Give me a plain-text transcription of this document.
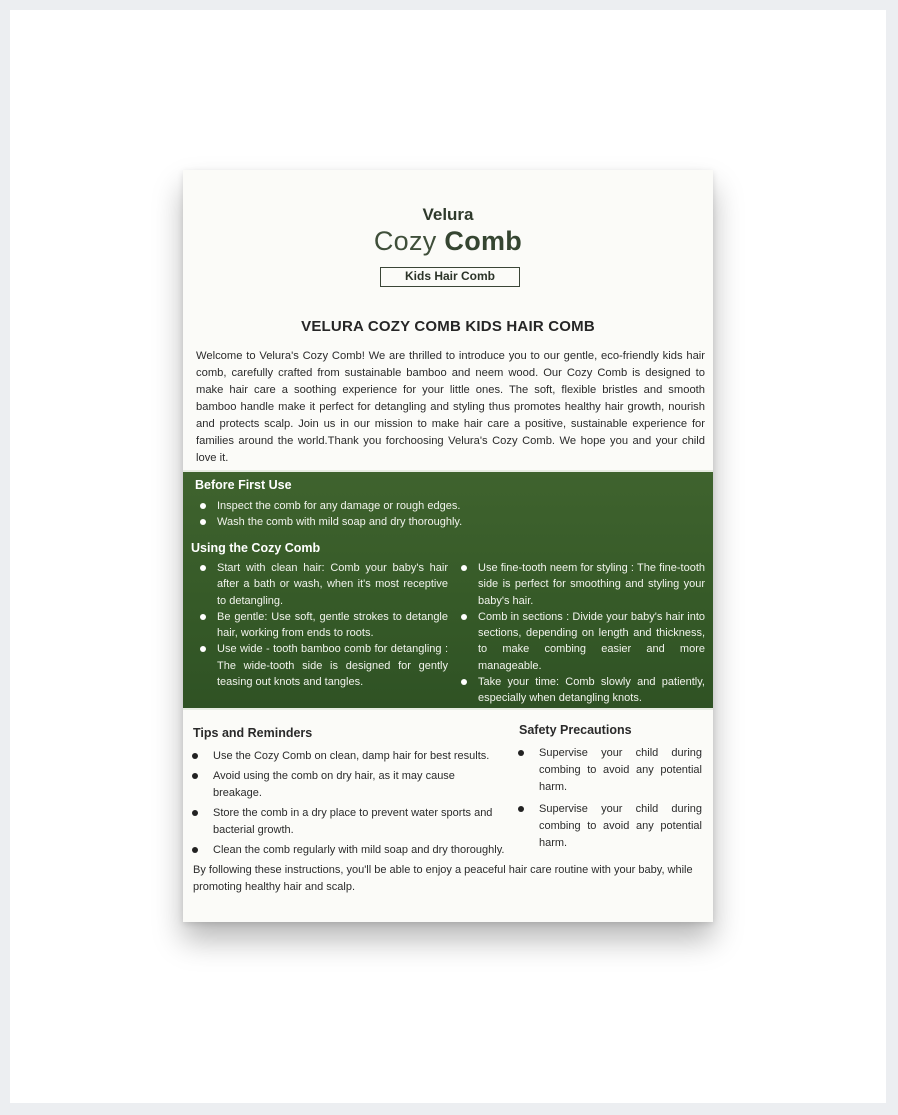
Velura
Cozy Comb
Kids Hair Comb
VELURA COZY COMB KIDS HAIR COMB
Welcome to Velura's Cozy Comb! We are thrilled to introduce you to our gentle, eco-friendly kids hair comb, carefully crafted from sustainable bamboo and neem wood. Our Cozy Comb is designed to make hair care a soothing experience for your little ones. The soft, flexible bristles and smooth bamboo handle make it perfect for detangling and styling thus promotes healthy hair growth, nourish and protects scalp. Join us in our mission to make hair care a positive, sustainable experience for families around the world.Thank you forchoosing Velura's Cozy Comb. We hope you and your child love it.
Before First Use
Inspect the comb for any damage or rough edges.
Wash the comb with mild soap and dry thoroughly.
Using the Cozy Comb
Start with clean hair: Comb your baby's hair after a bath or wash, when it's most receptive to detangling.
Be gentle: Use soft, gentle strokes to detangle hair, working from ends to roots.
Use wide - tooth bamboo comb for detangling : The wide-tooth side is designed for gently teasing out knots and tangles.
Use fine-tooth neem for styling : The fine-tooth side is perfect for smoothing and styling your baby's hair.
Comb in sections : Divide your baby's hair into sections, depending on length and thickness, to make combing easier and more manageable.
Take your time: Comb slowly and patiently, especially when detangling knots.
Tips and Reminders
Use the Cozy Comb on clean, damp hair for best results.
Avoid using the comb on dry hair, as it may cause breakage.
Store the comb in a dry place to prevent water sports and bacterial growth.
Clean the comb regularly with mild soap and dry thoroughly.
Safety Precautions
Supervise your child during combing to avoid any potential harm.
Supervise your child during combing to avoid any potential harm.
By following these instructions, you'll be able to enjoy a peaceful hair care routine with your baby, while promoting healthy hair and scalp.
